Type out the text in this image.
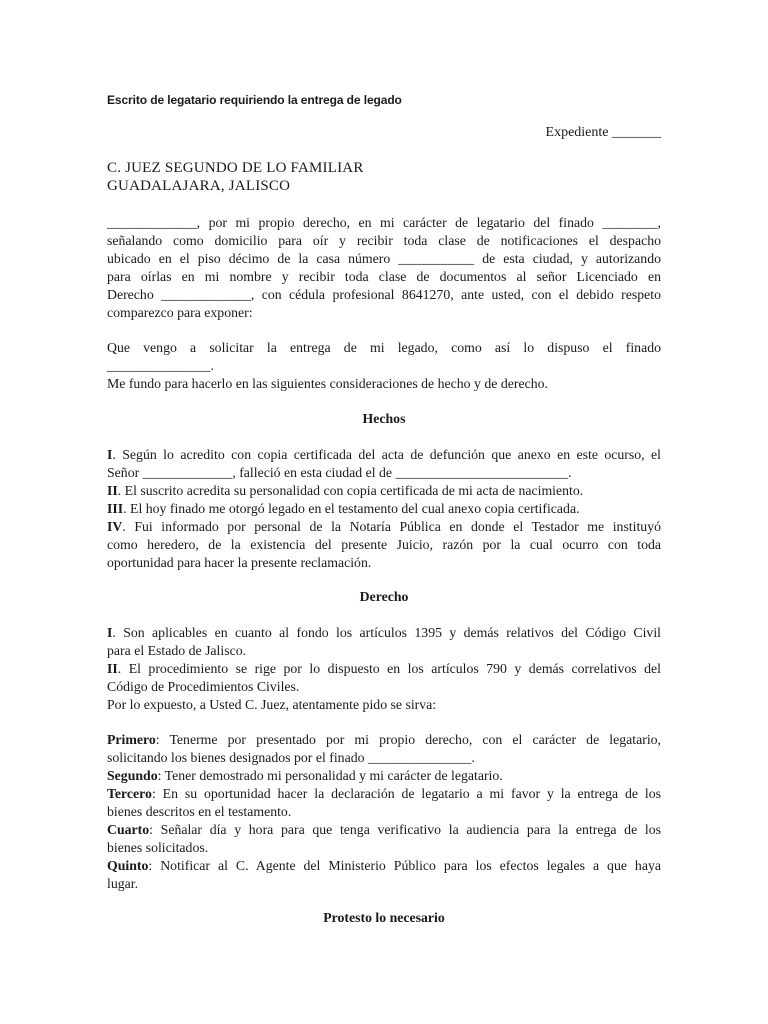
Escrito de legatario requiriendo la entrega de legado
Expediente _______
C. JUEZ SEGUNDO DE LO FAMILIAR
GUADALAJARA, JALISCO
_____________, por mi propio derecho, en mi carácter de legatario del finado ________,
señalando como domicilio para oír y recibir toda clase de notificaciones el despacho
ubicado en el piso décimo de la casa número ___________ de esta ciudad, y autorizando
para oírlas en mi nombre y recibir toda clase de documentos al señor Licenciado en
Derecho _____________, con cédula profesional 8641270, ante usted, con el debido respeto
comparezco para exponer:
Que vengo a solicitar la entrega de mi legado, como así lo dispuso el finado
_______________.
Me fundo para hacerlo en las siguientes consideraciones de hecho y de derecho.
Hechos
I. Según lo acredito con copia certificada del acta de defunción que anexo en este ocurso, el
Señor _____________, falleció en esta ciudad el de _________________________.
II. El suscrito acredita su personalidad con copia certificada de mi acta de nacimiento.
III. El hoy finado me otorgó legado en el testamento del cual anexo copia certificada.
IV. Fui informado por personal de la Notaría Pública en donde el Testador me instituyó
como heredero, de la existencia del presente Juicio, razón por la cual ocurro con toda
oportunidad para hacer la presente reclamación.
Derecho
I. Son aplicables en cuanto al fondo los artículos 1395 y demás relativos del Código Civil
para el Estado de Jalisco.
II. El procedimiento se rige por lo dispuesto en los artículos 790 y demás correlativos del
Código de Procedimientos Civiles.
Por lo expuesto, a Usted C. Juez, atentamente pido se sirva:
Primero: Tenerme por presentado por mi propio derecho, con el carácter de legatario,
solicitando los bienes designados por el finado _______________.
Segundo: Tener demostrado mi personalidad y mi carácter de legatario.
Tercero: En su oportunidad hacer la declaración de legatario a mi favor y la entrega de los
bienes descritos en el testamento.
Cuarto: Señalar día y hora para que tenga verificativo la audiencia para la entrega de los
bienes solicitados.
Quinto: Notificar al C. Agente del Ministerio Público para los efectos legales a que haya
lugar.
Protesto lo necesario
